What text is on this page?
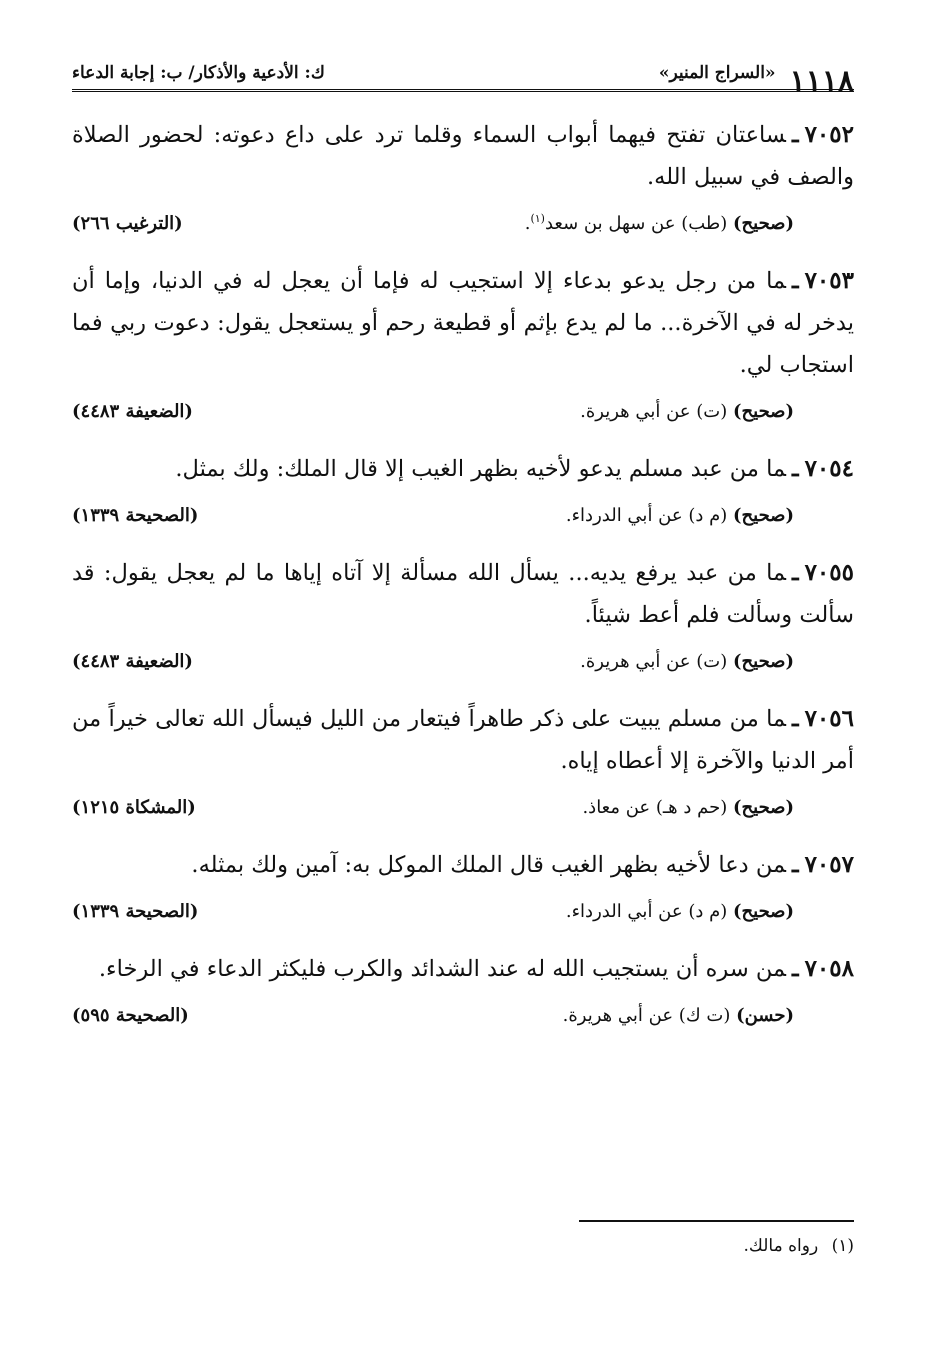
١١١٨
«السراج المنير»
ك: الأدعية والأذكار/ ب: إجابة الدعاء
٧٠٥٢ـساعتان تفتح فيهما أبواب السماء وقلما ترد على داع دعوته: لحضور الصلاة والصف في سبيل الله.
(صحيح) (طب) عن سهل بن سعد$^{(١)}$.
(الترغيب ٢٦٦)
٧٠٥٣ـما من رجل يدعو بدعاء إلا استجيب له فإما أن يعجل له في الدنيا، وإما أن يدخر له في الآخرة... ما لم يدع بإثم أو قطيعة رحم أو يستعجل يقول: دعوت ربي فما استجاب لي.
(صحيح) (ت) عن أبي هريرة.
(الضعيفة ٤٤٨٣)
٧٠٥٤ـما من عبد مسلم يدعو لأخيه بظهر الغيب إلا قال الملك: ولك بمثل.
(صحيح) (م د) عن أبي الدرداء.
(الصحيحة ١٣٣٩)
٧٠٥٥ـما من عبد يرفع يديه... يسأل الله مسألة إلا آتاه إياها ما لم يعجل يقول: قد سألت وسألت فلم أعط شيئاً.
(صحيح) (ت) عن أبي هريرة.
(الضعيفة ٤٤٨٣)
٧٠٥٦ـما من مسلم يبيت على ذكر طاهراً فيتعار من الليل فيسأل الله تعالى خيراً من أمر الدنيا والآخرة إلا أعطاه إياه.
(صحيح) (حم د هـ) عن معاذ.
(المشكاة ١٢١٥)
٧٠٥٧ـمن دعا لأخيه بظهر الغيب قال الملك الموكل به: آمين ولك بمثله.
(صحيح) (م د) عن أبي الدرداء.
(الصحيحة ١٣٣٩)
٧٠٥٨ـمن سره أن يستجيب الله له عند الشدائد والكرب فليكثر الدعاء في الرخاء.
(حسن) (ت ك) عن أبي هريرة.
(الصحيحة ٥٩٥)
(١) رواه مالك.
